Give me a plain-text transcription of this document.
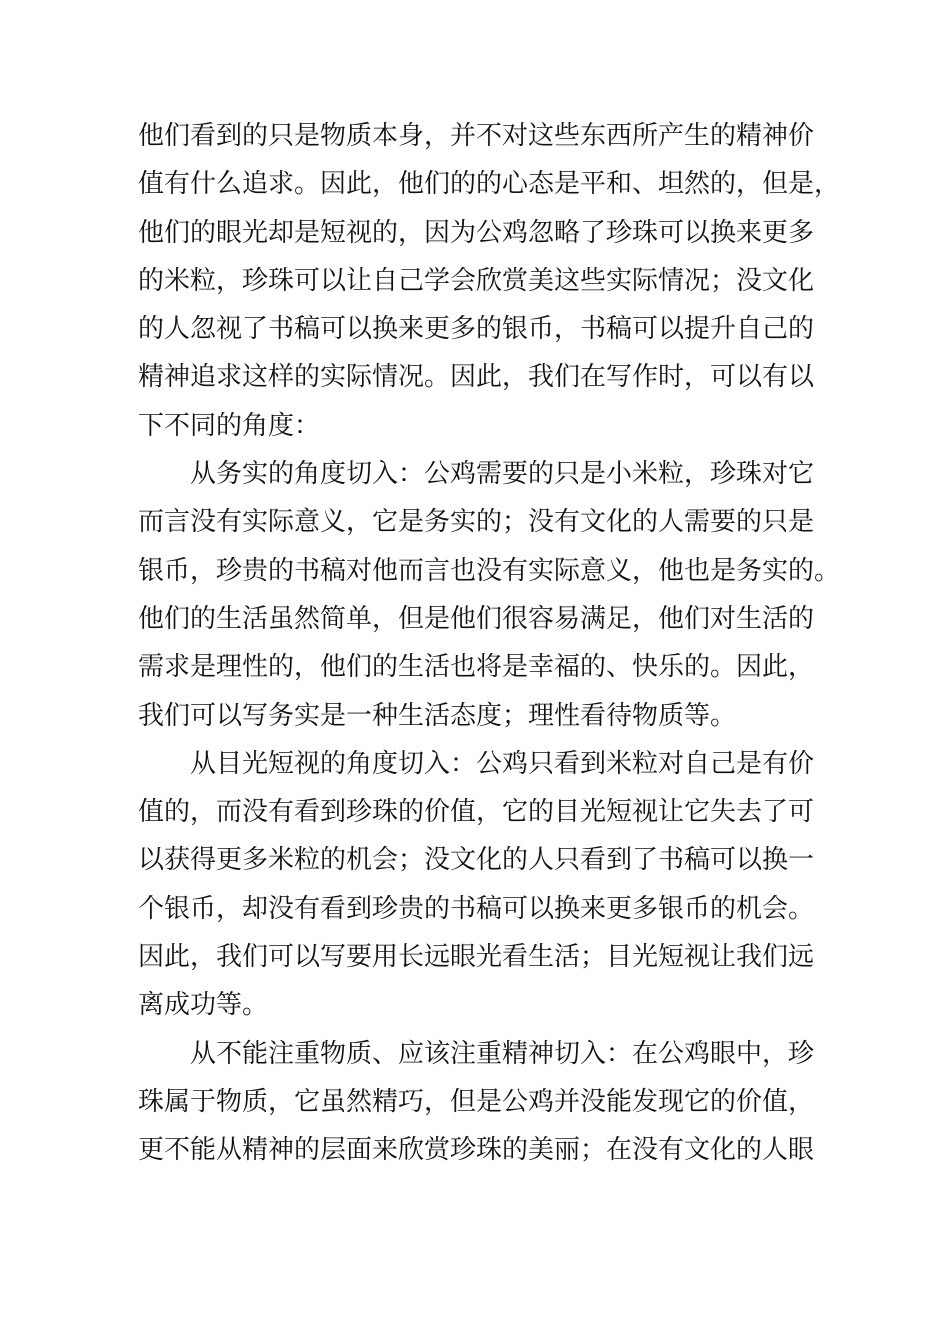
他们看到的只是物质本身，并不对这些东西所产生的精神价
值有什么追求。因此，他们的的心态是平和、坦然的，但是，
他们的眼光却是短视的，因为公鸡忽略了珍珠可以换来更多
的米粒，珍珠可以让自己学会欣赏美这些实际情况；没文化
的人忽视了书稿可以换来更多的银币，书稿可以提升自己的
精神追求这样的实际情况。因此，我们在写作时，可以有以
下不同的角度：
从务实的角度切入：公鸡需要的只是小米粒，珍珠对它
而言没有实际意义，它是务实的；没有文化的人需要的只是
银币，珍贵的书稿对他而言也没有实际意义，他也是务实的。
他们的生活虽然简单，但是他们很容易满足，他们对生活的
需求是理性的，他们的生活也将是幸福的、快乐的。因此，
我们可以写务实是一种生活态度；理性看待物质等。
从目光短视的角度切入：公鸡只看到米粒对自己是有价
值的，而没有看到珍珠的价值，它的目光短视让它失去了可
以获得更多米粒的机会；没文化的人只看到了书稿可以换一
个银币，却没有看到珍贵的书稿可以换来更多银币的机会。
因此，我们可以写要用长远眼光看生活；目光短视让我们远
离成功等。
从不能注重物质、应该注重精神切入：在公鸡眼中，珍
珠属于物质，它虽然精巧，但是公鸡并没能发现它的价值，
更不能从精神的层面来欣赏珍珠的美丽；在没有文化的人眼
